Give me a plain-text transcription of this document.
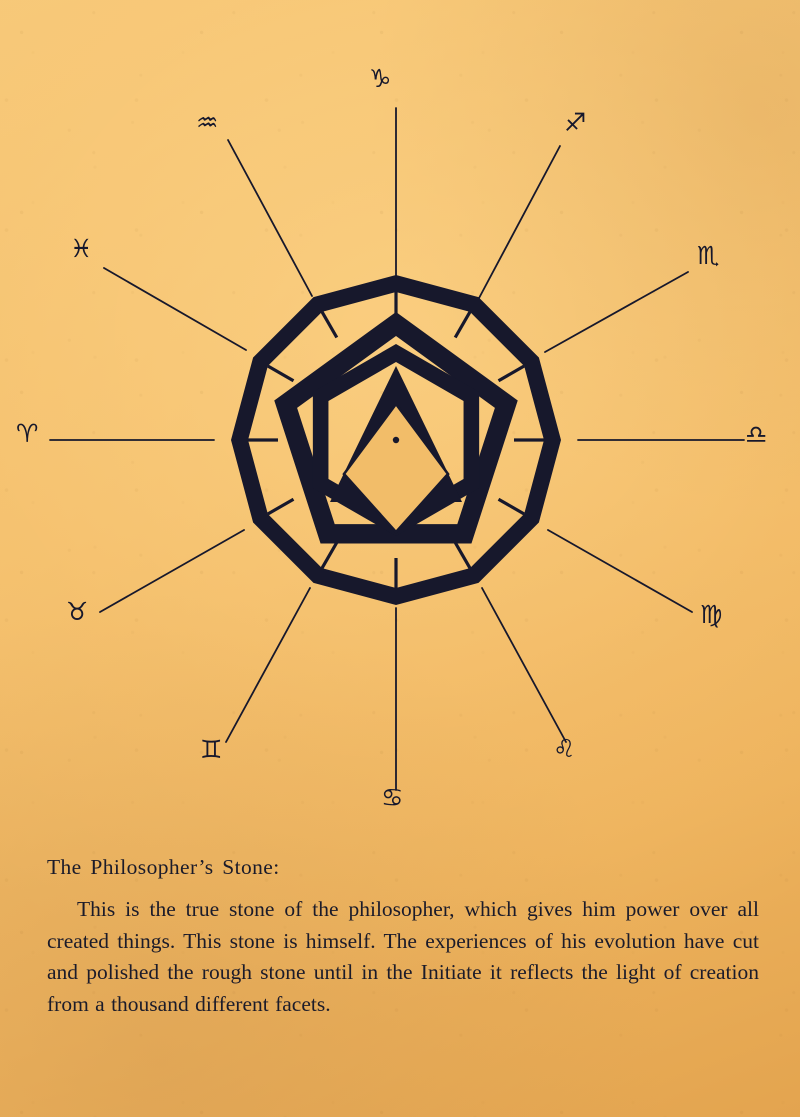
♑
♐
♏
♎
♍
♌
♋
♊
♉
♈
♓
♒
The Philosopher’s Stone:
This is the true stone of the philosopher, which gives him power over all created things. This stone is himself. The experiences of his evolution have cut and polished the rough stone until in the Initiate it reflects the light of creation from a thousand different facets.
